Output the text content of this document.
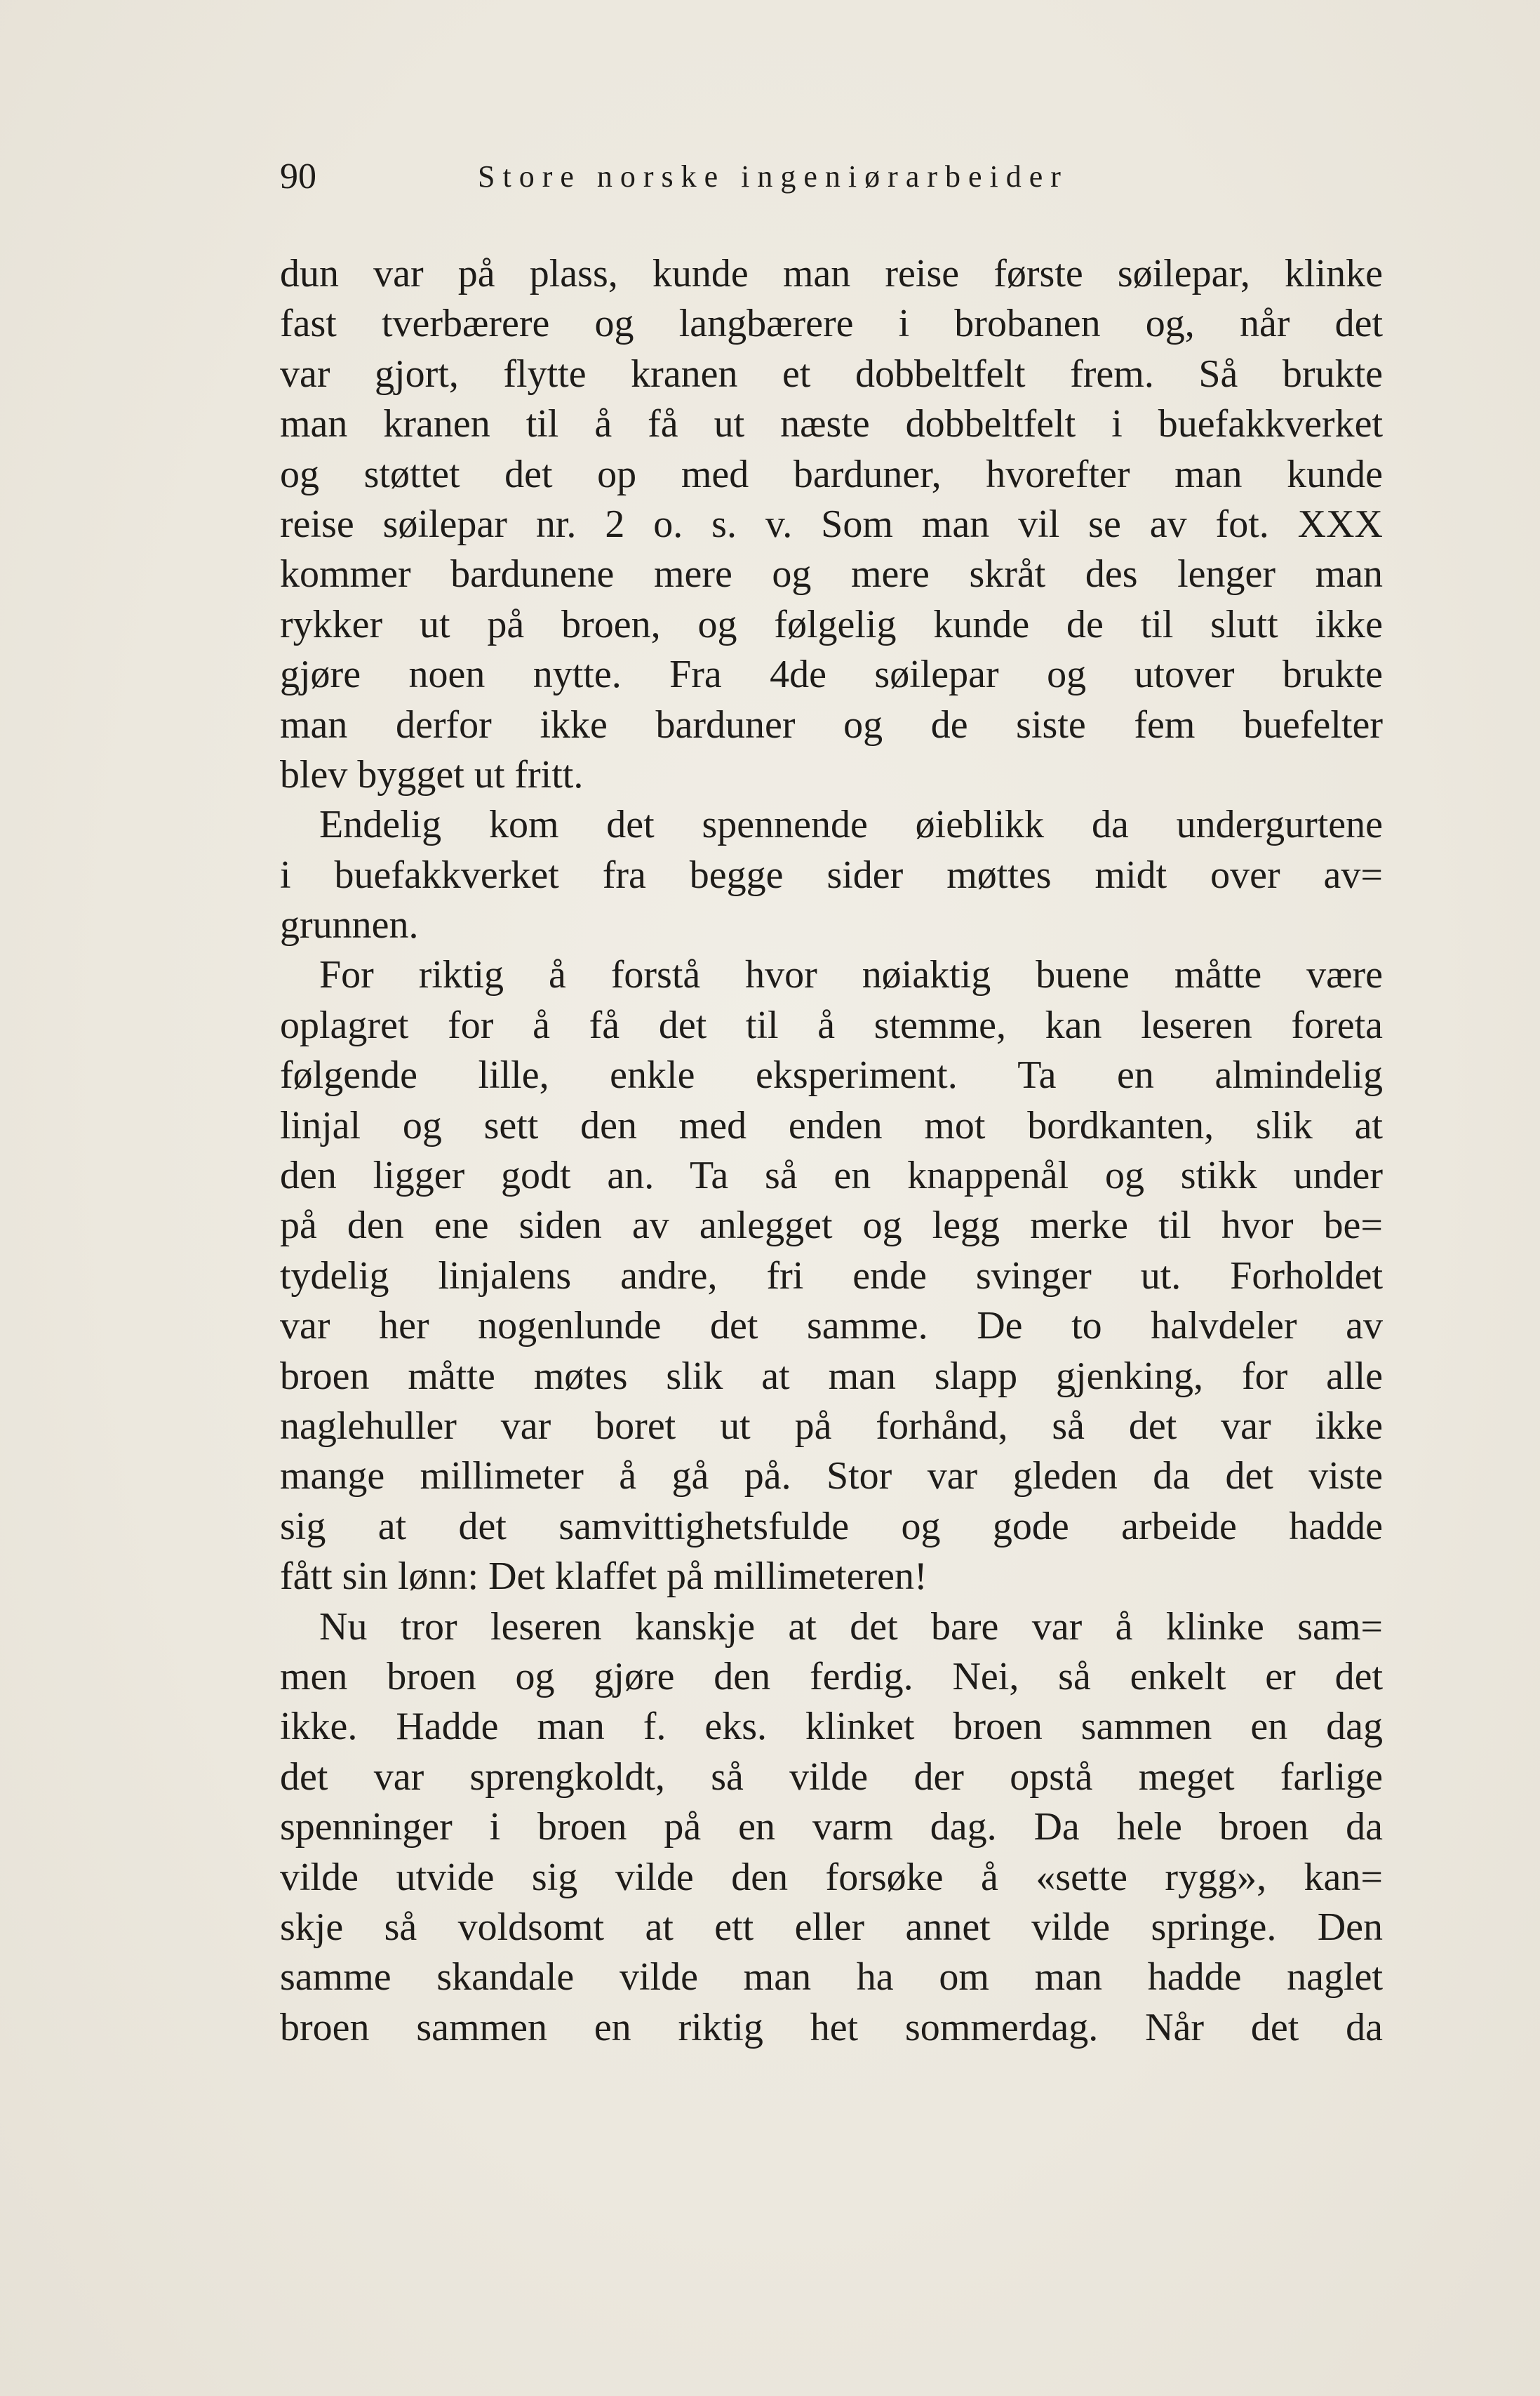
90	Store norske ingeniørarbeider
dun var på plass, kunde man reise første søilepar, klinke
fast tverbærere og langbærere i brobanen og, når det
var gjort, flytte kranen et dobbeltfelt frem. Så brukte
man kranen til å få ut næste dobbeltfelt i buefakkverket
og støttet det op med barduner, hvorefter man kunde
reise søilepar nr. 2 o. s. v. Som man vil se av fot. XXX
kommer bardunene mere og mere skråt des lenger man
rykker ut på broen, og følgelig kunde de til slutt ikke
gjøre noen nytte. Fra 4de søilepar og utover brukte
man derfor ikke barduner og de siste fem buefelter
blev bygget ut fritt.
Endelig kom det spennende øieblikk da undergurtene
i buefakkverket fra begge sider møttes midt over av=
grunnen.
For riktig å forstå hvor nøiaktig buene måtte være
oplagret for å få det til å stemme, kan leseren foreta
følgende lille, enkle eksperiment. Ta en almindelig
linjal og sett den med enden mot bordkanten, slik at
den ligger godt an. Ta så en knappenål og stikk under
på den ene siden av anlegget og legg merke til hvor be=
tydelig linjalens andre, fri ende svinger ut. Forholdet
var her nogenlunde det samme. De to halvdeler av
broen måtte møtes slik at man slapp gjenking, for alle
naglehuller var boret ut på forhånd, så det var ikke
mange millimeter å gå på. Stor var gleden da det viste
sig at det samvittighetsfulde og gode arbeide hadde
fått sin lønn: Det klaffet på millimeteren!
Nu tror leseren kanskje at det bare var å klinke sam=
men broen og gjøre den ferdig. Nei, så enkelt er det
ikke. Hadde man f. eks. klinket broen sammen en dag
det var sprengkoldt, så vilde der opstå meget farlige
spenninger i broen på en varm dag. Da hele broen da
vilde utvide sig vilde den forsøke å «sette rygg», kan=
skje så voldsomt at ett eller annet vilde springe. Den
samme skandale vilde man ha om man hadde naglet
broen sammen en riktig het sommerdag. Når det da
